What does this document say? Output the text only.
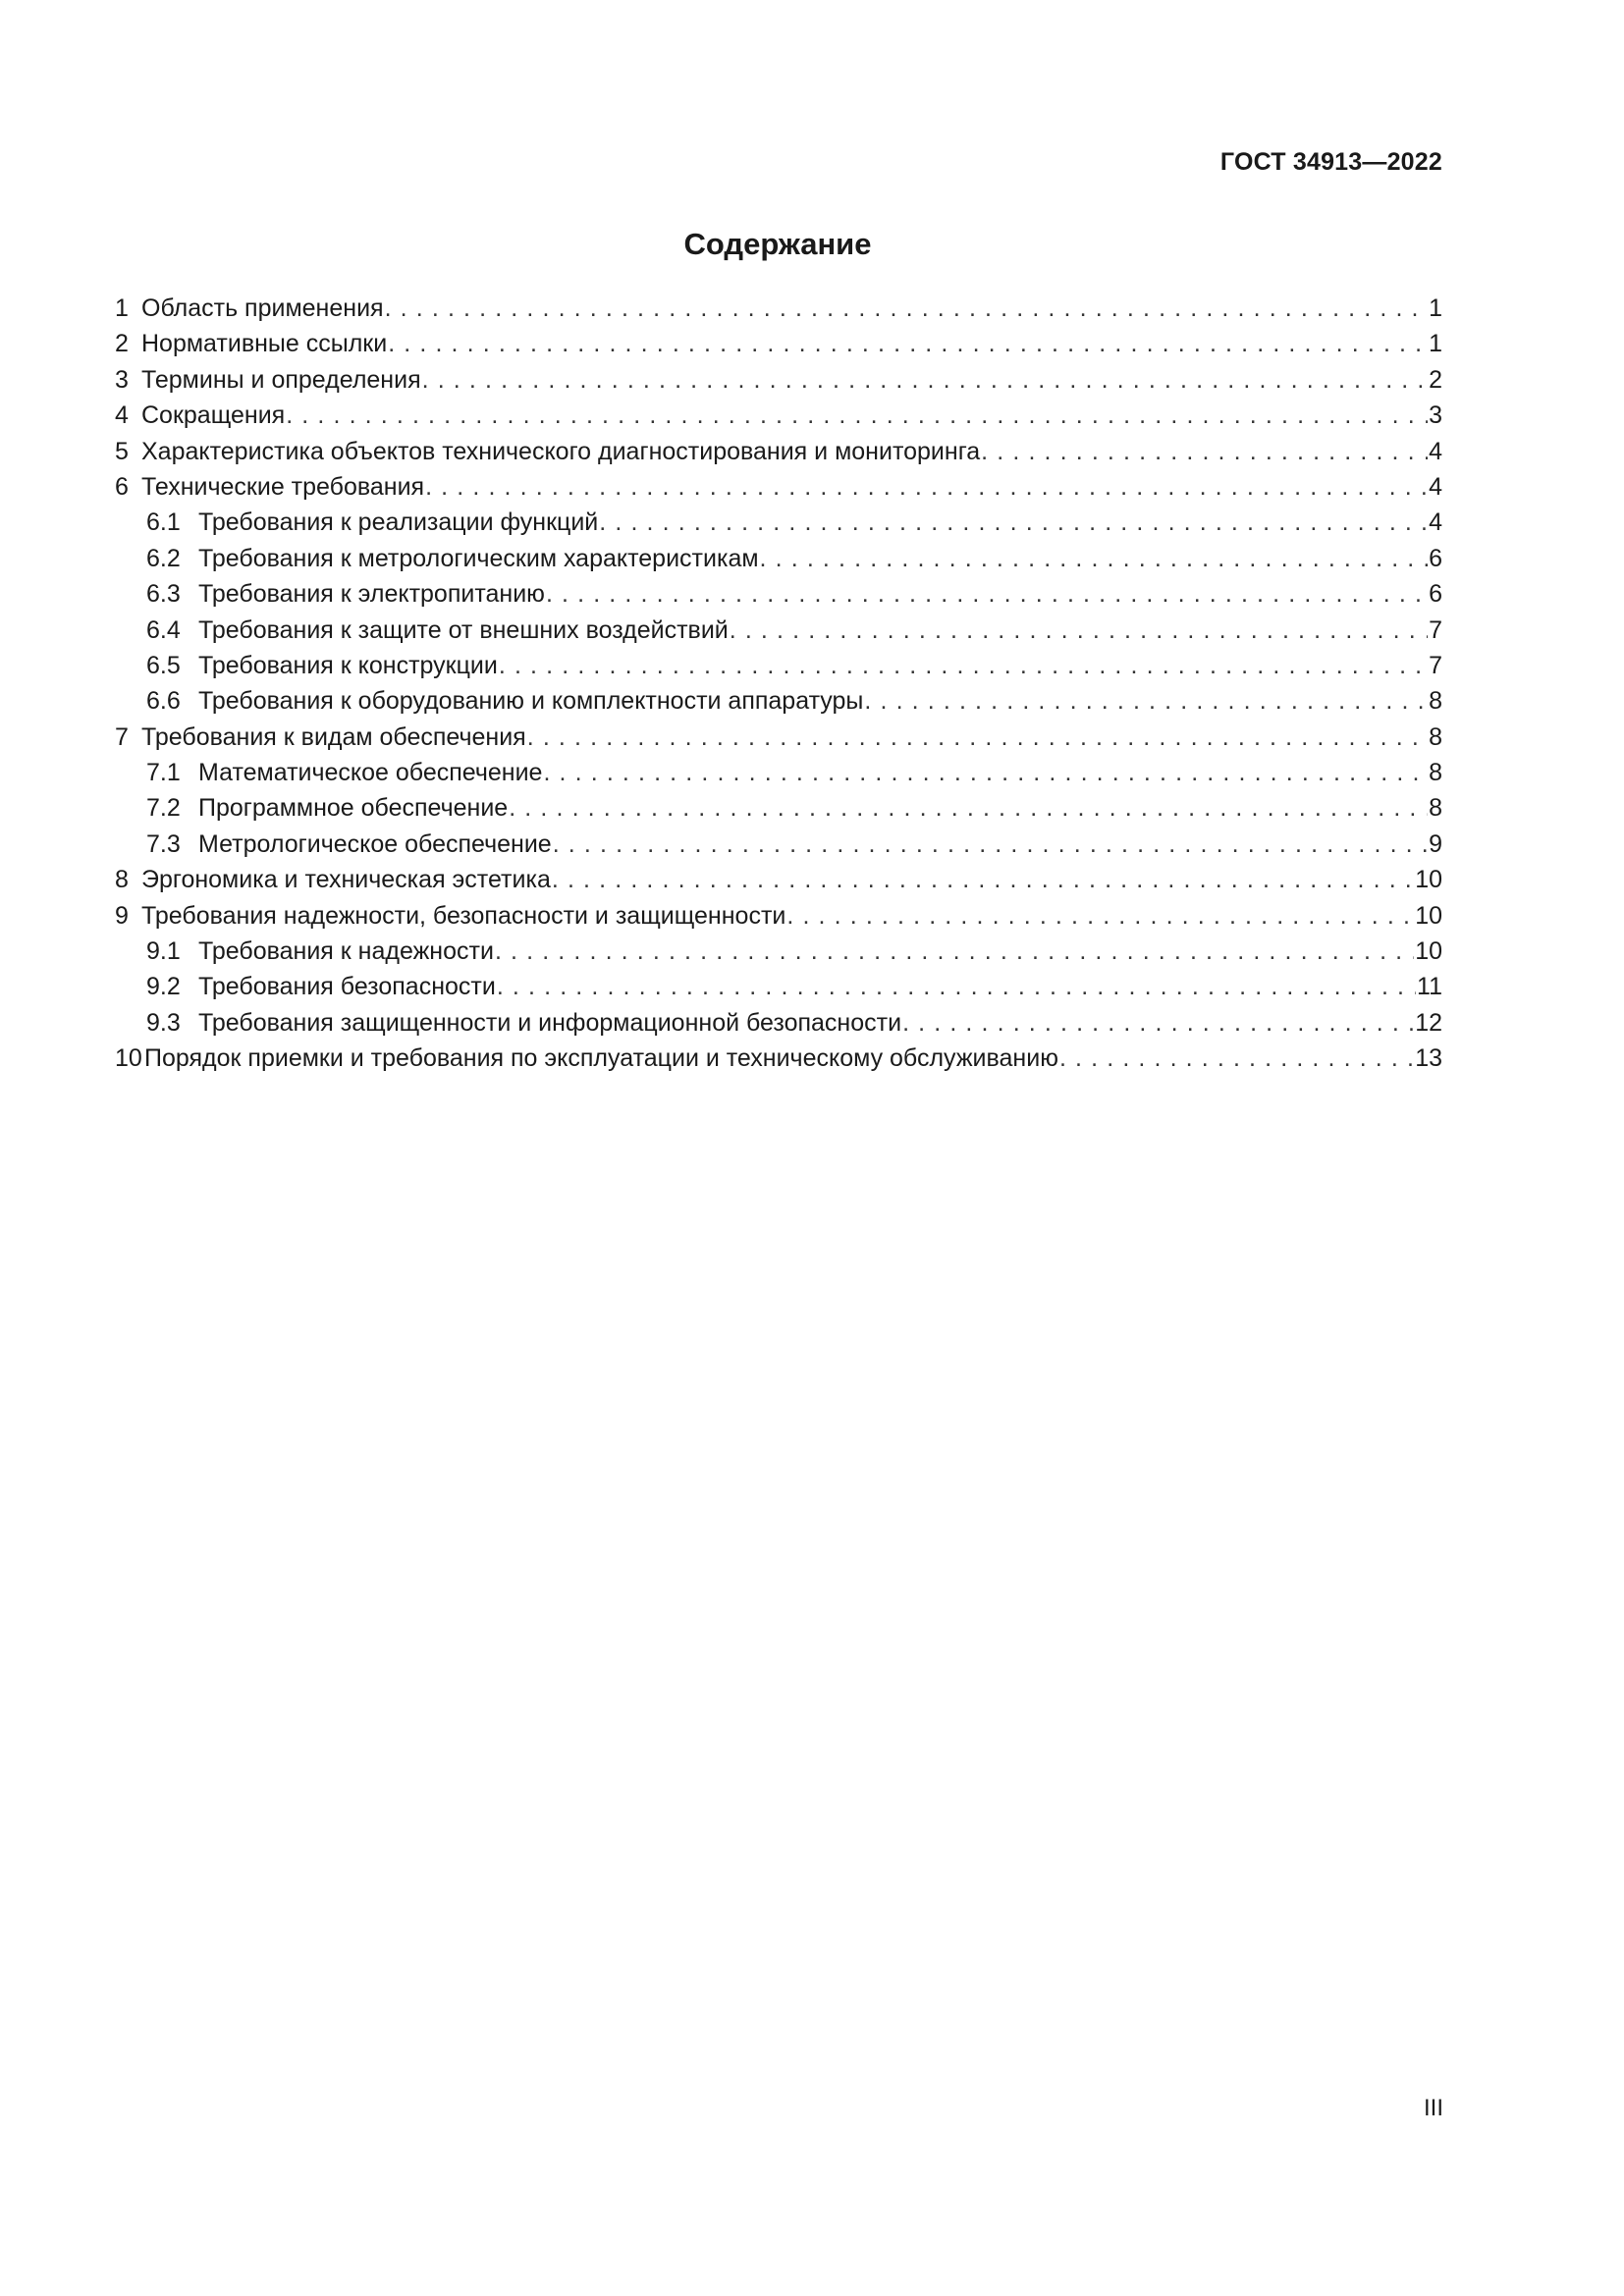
ГОСТ 34913—2022
Содержание
1 Область применения . . .	1
2 Нормативные ссылки . . .	1
3 Термины и определения . . .	2
4 Сокращения . . .	3
5 Характеристика объектов технического диагностирования и мониторинга . . .	4
6 Технические требования . . .	4
6.1 Требования к реализации функций . . .	4
6.2 Требования к метрологическим характеристикам . . .	6
6.3 Требования к электропитанию . . .	6
6.4 Требования к защите от внешних воздействий . . .	7
6.5 Требования к конструкции . . .	7
6.6 Требования к оборудованию и комплектности аппаратуры . . .	8
7 Требования к видам обеспечения . . .	8
7.1 Математическое обеспечение . . .	8
7.2 Программное обеспечение . . .	8
7.3 Метрологическое обеспечение . . .	9
8 Эргономика и техническая эстетика . . .	10
9 Требования надежности, безопасности и защищенности . . .	10
9.1 Требования к надежности . . .	10
9.2 Требования безопасности . . .	11
9.3 Требования защищенности и информационной безопасности . . .	12
10 Порядок приемки и требования по эксплуатации и техническому обслуживанию . . .	13
III
